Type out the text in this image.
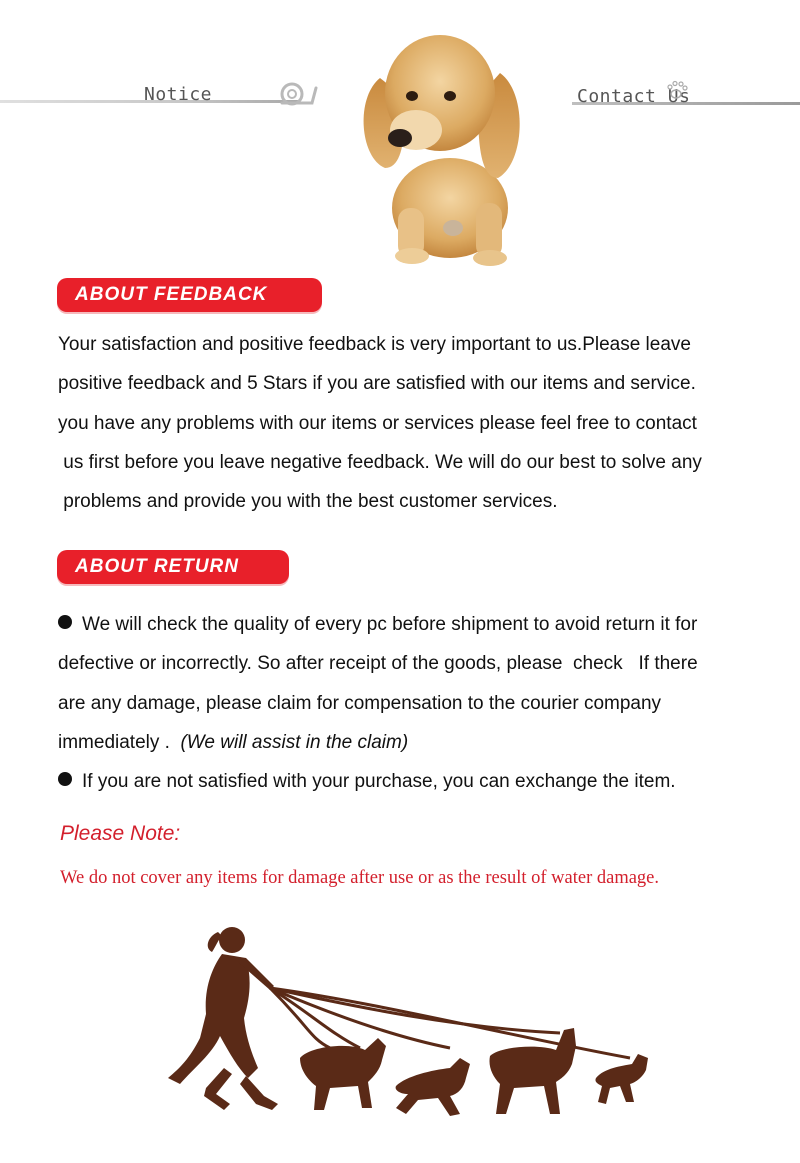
Notice	Contact Us
ABOUT FEEDBACK

Your satisfaction and positive feedback is very important to us.Please leave

positive feedback and 5 Stars if you are satisfied with our items and service.

you have any problems with our items or services please feel free to contact

us first before you leave negative feedback. We will do our best to solve any

problems and provide you with the best customer services.

ABOUT RETURN

We will check the quality of every pc before shipment to avoid return it for

defective or incorrectly. So after receipt of the goods, please  check   If there

are any damage, please claim for compensation to the courier company

immediately .  (We will assist in the claim)

If you are not satisfied with your purchase, you can exchange the item.

Please Note:
We do not cover any items for damage after use or as the result of water damage.
